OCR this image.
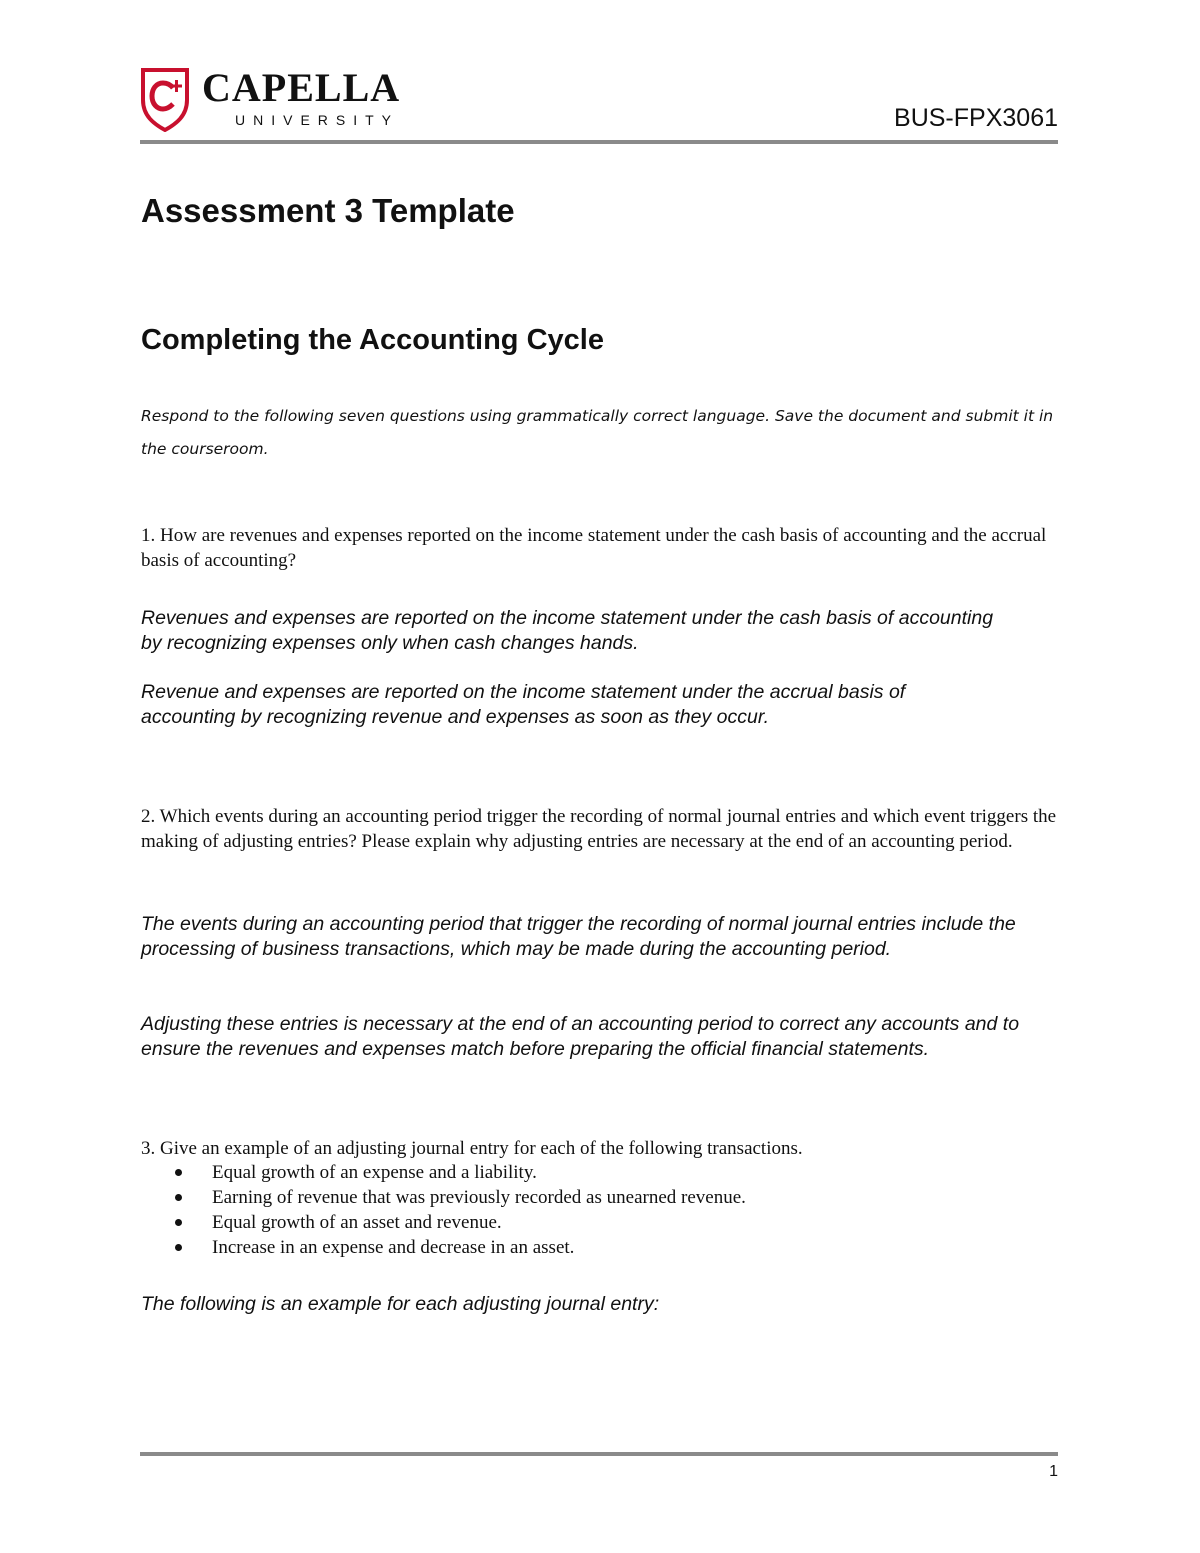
CAPELLA
UNIVERSITY	BUS-FPX3061
Assessment 3 Template
Completing the Accounting Cycle
Respond to the following seven questions using grammatically correct language. Save the document and submit it in the courseroom.
1. How are revenues and expenses reported on the income statement under the cash basis of accounting and the accrual basis of accounting?
Revenues and expenses are reported on the income statement under the cash basis of accounting by recognizing expenses only when cash changes hands.
Revenue and expenses are reported on the income statement under the accrual basis of accounting by recognizing revenue and expenses as soon as they occur.
2. Which events during an accounting period trigger the recording of normal journal entries and which event triggers the making of adjusting entries? Please explain why adjusting entries are necessary at the end of an accounting period.
The events during an accounting period that trigger the recording of normal journal entries include the processing of business transactions, which may be made during the accounting period.
Adjusting these entries is necessary at the end of an accounting period to correct any accounts and to ensure the revenues and expenses match before preparing the official financial statements.
3. Give an example of an adjusting journal entry for each of the following transactions.
Equal growth of an expense and a liability.
Earning of revenue that was previously recorded as unearned revenue.
Equal growth of an asset and revenue.
Increase in an expense and decrease in an asset.
The following is an example for each adjusting journal entry:
1
